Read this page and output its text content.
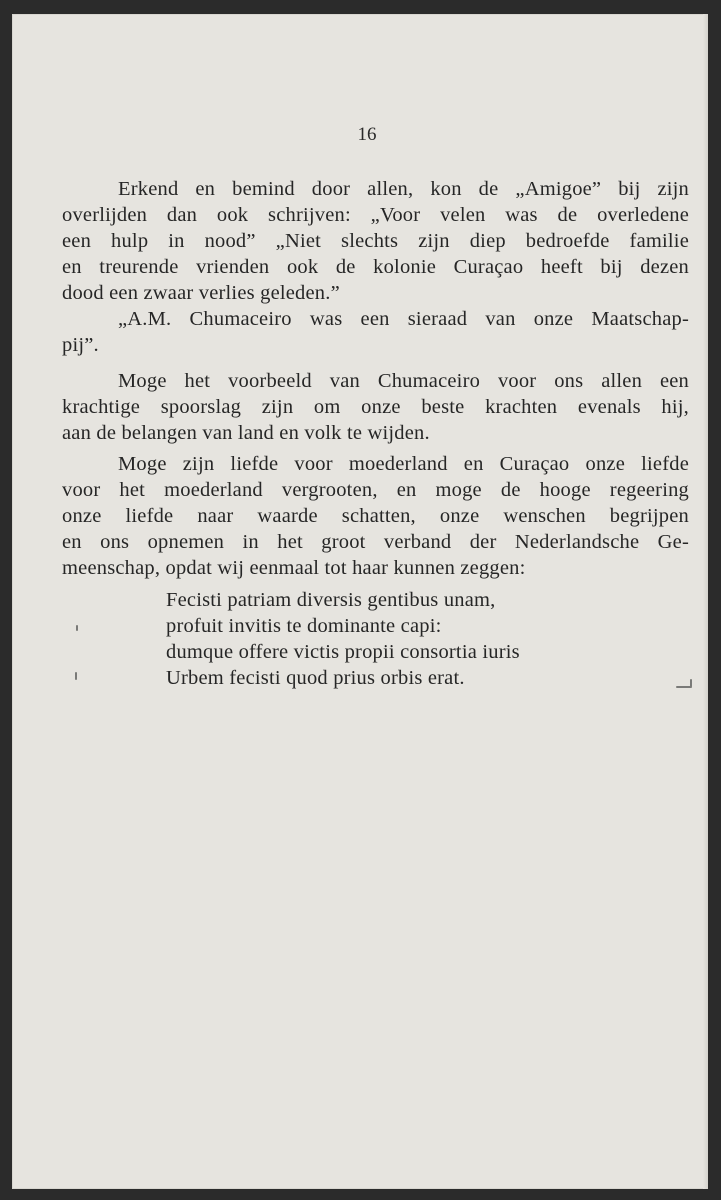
16
Erkend en bemind door allen, kon de „Amigoe” bij zijn
overlijden dan ook schrijven: „Voor velen was de overledene
een hulp in nood” „Niet slechts zijn diep bedroefde familie
en treurende vrienden ook de kolonie Curaçao heeft bij dezen
dood een zwaar verlies geleden.”
„A.M. Chumaceiro was een sieraad van onze Maatschap-
pij”.
Moge het voorbeeld van Chumaceiro voor ons allen een
krachtige spoorslag zijn om onze beste krachten evenals hij,
aan de belangen van land en volk te wijden.
Moge zijn liefde voor moederland en Curaçao onze liefde
voor het moederland vergrooten, en moge de hooge regeering
onze liefde naar waarde schatten, onze wenschen begrijpen
en ons opnemen in het groot verband der Nederlandsche Ge-
meenschap, opdat wij eenmaal tot haar kunnen zeggen:
Fecisti patriam diversis gentibus unam,
profuit invitis te dominante capi:
dumque offere victis propii consortia iuris
Urbem fecisti quod prius orbis erat.
